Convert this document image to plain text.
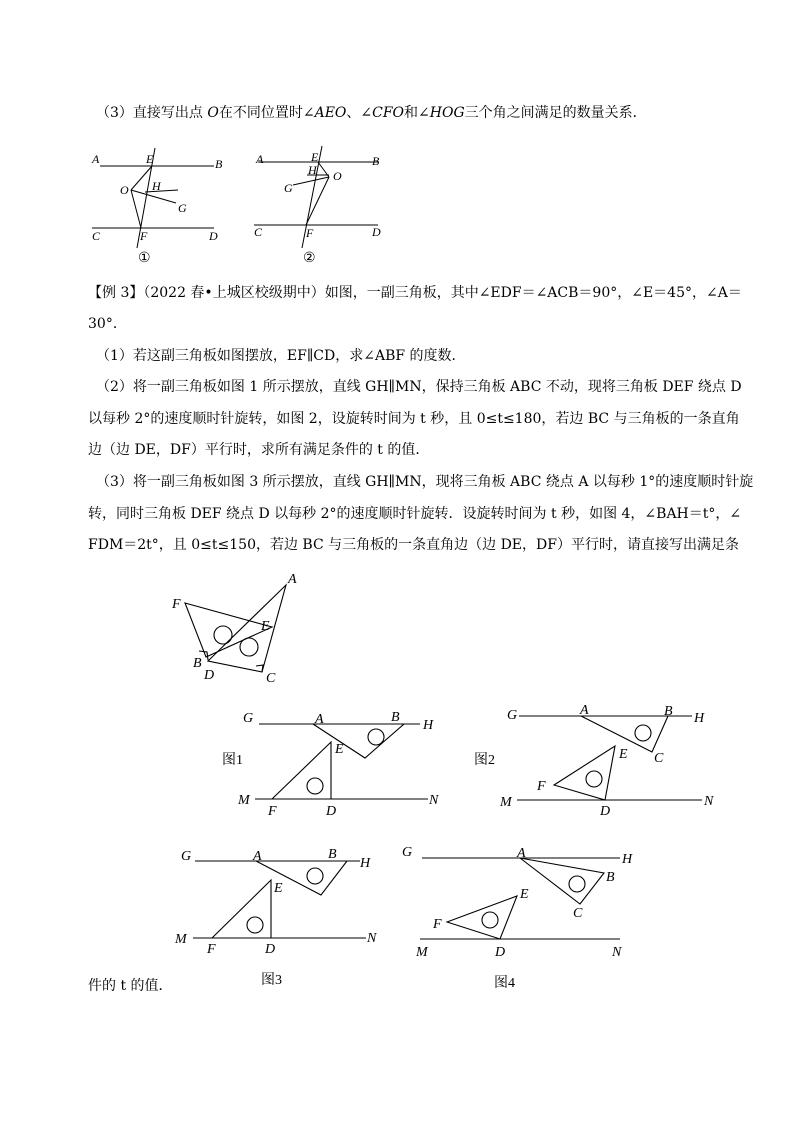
（3）直接写出点 O在不同位置时∠AEO、∠CFO和∠HOG三个角之间满足的数量关系．
A	E	B
O H
G
C	F	D
①
A	E	B
H O
G
C	F	D
②
【例 3】（2022 春•上城区校级期中）如图，一副三角板，其中∠EDF＝∠ACB＝90°，∠E＝45°，∠A＝
30°．
（1）若这副三角板如图摆放，EF∥CD，求∠ABF 的度数．
（2）将一副三角板如图 1 所示摆放，直线 GH∥MN，保持三角板 ABC 不动，现将三角板 DEF 绕点 D
以每秒 2°的速度顺时针旋转，如图 2，设旋转时间为 t 秒，且 0≤t≤180，若边 BC 与三角板的一条直角
边（边 DE，DF）平行时，求所有满足条件的 t 的值．
（3）将一副三角板如图 3 所示摆放，直线 GH∥MN，现将三角板 ABC 绕点 A 以每秒 1°的速度顺时针旋
转，同时三角板 DEF 绕点 D 以每秒 2°的速度顺时针旋转．设旋转时间为 t 秒，如图 4，∠BAH＝t°，∠
FDM＝2t°，且 0≤t≤150，若边 BC 与三角板的一条直角边（边 DE，DF）平行时，请直接写出满足条
F
E
A
B
D	C
G	A	B
H
E
M
F	D
N
图1
G	A	B H
E C
F
M
D
N
图2
G	A	B
H
E
M
F	D
N
图3
G	A	H
B
E
C
F
M	D	N
图4
件的 t 的值．
